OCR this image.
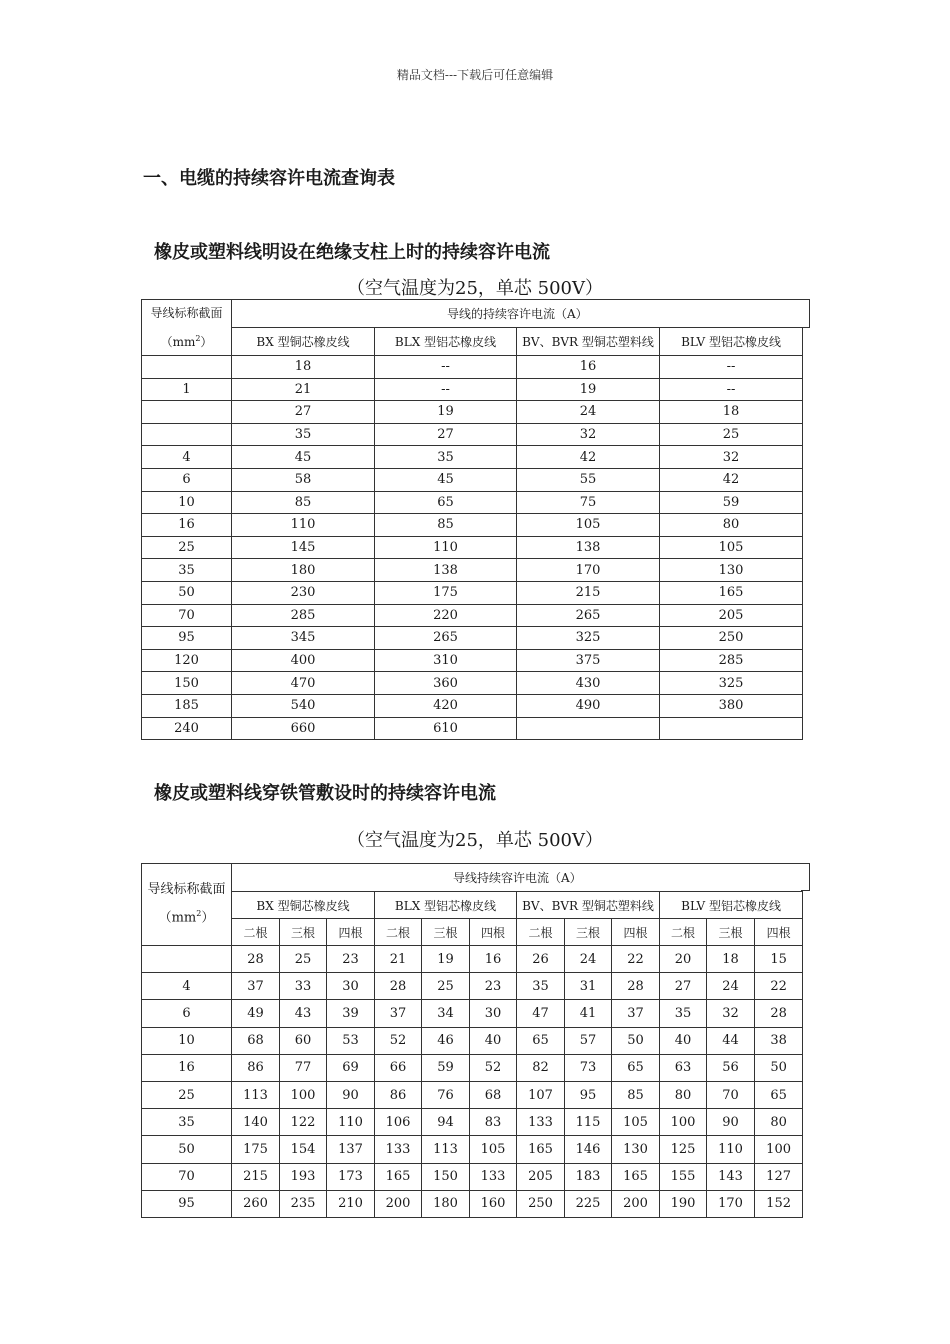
精品文档---下载后可任意编辑
一、电缆的持续容许电流查询表
橡皮或塑料线明设在绝缘支柱上时的持续容许电流
（空气温度为25，单芯 500V）
导线标称截面
$(mm^2)$	导线的持续容许电流（A）			
	BX 型铜芯橡皮线	BLX 型铝芯橡皮线	BV、BVR 型铜芯塑料线	BLV 型铝芯橡皮线
	18	--	16	--
1	21	--	19	--
	27	19	24	18
	35	27	32	25
4	45	35	42	32
6	58	45	55	42
10	85	65	75	59
16	110	85	105	80
25	145	110	138	105
35	180	138	170	130
50	230	175	215	165
70	285	220	265	205
95	345	265	325	250
120	400	310	375	285
150	470	360	430	325
185	540	420	490	380
240	660	610		
橡皮或塑料线穿铁管敷设时的持续容许电流
（空气温度为25，单芯 500V）
导线标称截面
$(mm^2)$	导线持续容许电流（A）											
	BX 型铜芯橡皮线			BLX 型铝芯橡皮线			BV、BVR 型铜芯塑料线			BLV 型铝芯橡皮线		
	二根	三根	四根	二根	三根	四根	二根	三根	四根	二根	三根	四根
	28	25	23	21	19	16	26	24	22	20	18	15
4	37	33	30	28	25	23	35	31	28	27	24	22
6	49	43	39	37	34	30	47	41	37	35	32	28
10	68	60	53	52	46	40	65	57	50	40	44	38
16	86	77	69	66	59	52	82	73	65	63	56	50
25	113	100	90	86	76	68	107	95	85	80	70	65
35	140	122	110	106	94	83	133	115	105	100	90	80
50	175	154	137	133	113	105	165	146	130	125	110	100
70	215	193	173	165	150	133	205	183	165	155	143	127
95	260	235	210	200	180	160	250	225	200	190	170	152
